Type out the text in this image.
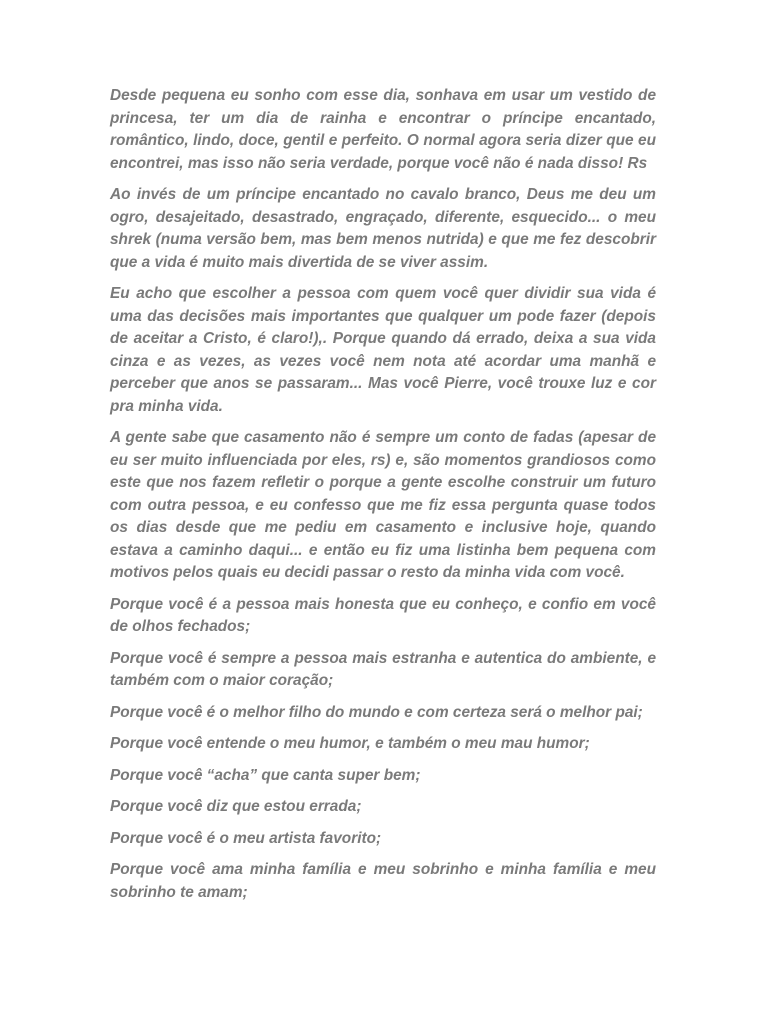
Desde pequena eu sonho com esse dia, sonhava em usar um vestido de princesa, ter um dia de rainha e encontrar o príncipe encantado, romântico, lindo, doce, gentil e perfeito. O normal agora seria dizer que eu encontrei, mas isso não seria verdade, porque você não é nada disso! Rs

Ao invés de um príncipe encantado no cavalo branco, Deus me deu um ogro, desajeitado, desastrado, engraçado, diferente, esquecido... o meu shrek (numa versão bem, mas bem menos nutrida) e que me fez descobrir que a vida é muito mais divertida de se viver assim.

Eu acho que escolher a pessoa com quem você quer dividir sua vida é uma das decisões mais importantes que qualquer um pode fazer (depois de aceitar a Cristo, é claro!),. Porque quando dá errado, deixa a sua vida cinza e as vezes, as vezes você nem nota até acordar uma manhã e perceber que anos se passaram... Mas você Pierre, você trouxe luz e cor pra minha vida.

A gente sabe que casamento não é sempre um conto de fadas (apesar de eu ser muito influenciada por eles, rs) e, são momentos grandiosos como este que nos fazem refletir o porque a gente escolhe construir um futuro com outra pessoa, e eu confesso que me fiz essa pergunta quase todos os dias desde que me pediu em casamento e inclusive hoje, quando estava a caminho daqui... e então eu fiz uma listinha bem pequena com motivos pelos quais eu decidi passar o resto da minha vida com você.

Porque você é a pessoa mais honesta que eu conheço, e confio em você de olhos fechados;

Porque você é sempre a pessoa mais estranha e autentica do ambiente, e também com o maior coração;

Porque você é o melhor filho do mundo e com certeza será o melhor pai;

Porque você entende o meu humor, e também o meu mau humor;

Porque você “acha” que canta super bem;

Porque você diz que estou errada;

Porque você é o meu artista favorito;

Porque você ama minha família e meu sobrinho e minha família e meu sobrinho te amam;
